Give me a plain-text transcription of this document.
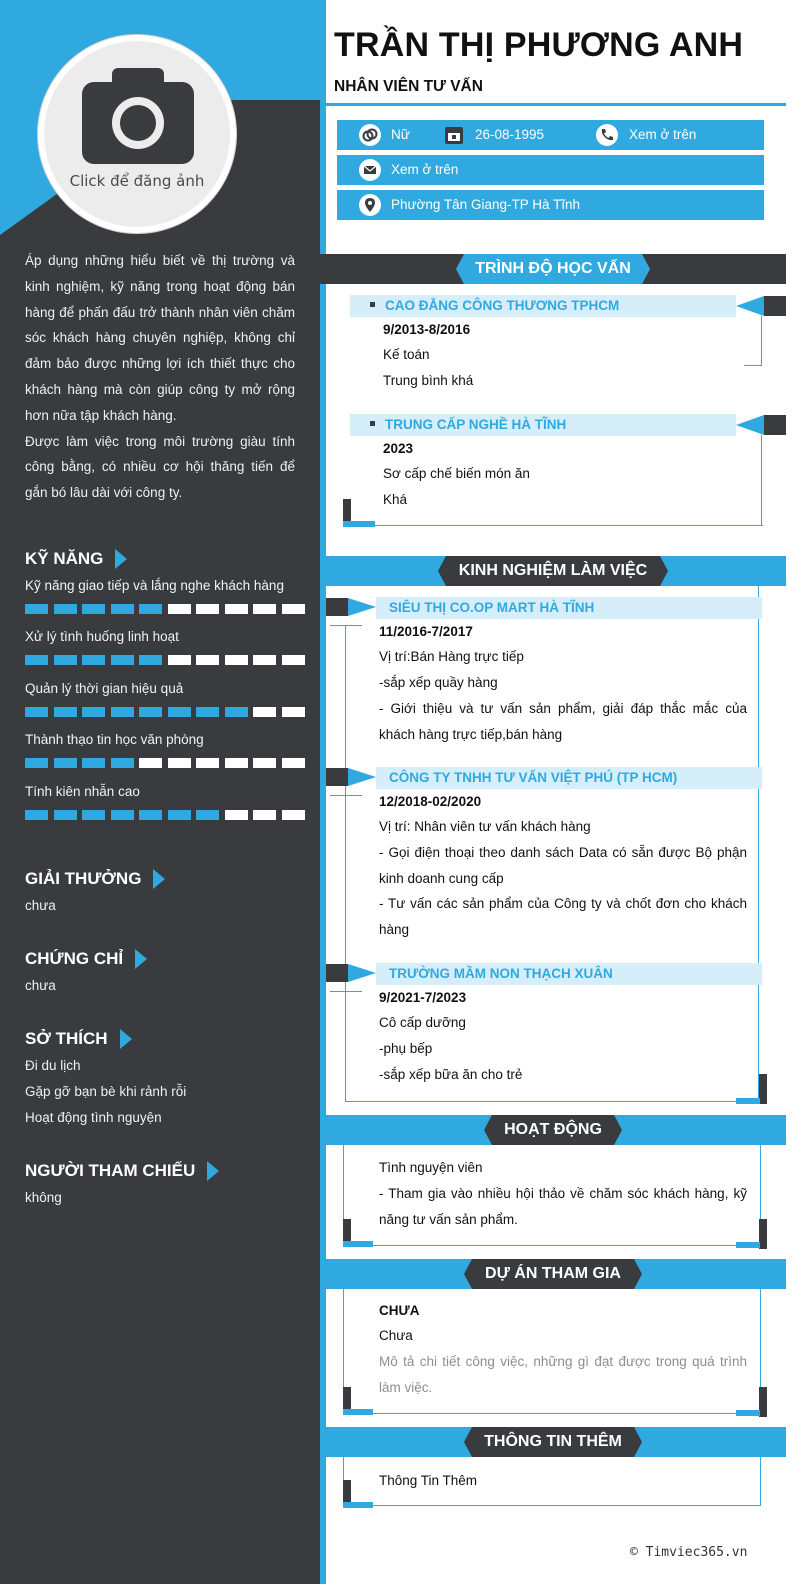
Click để đăng ảnh

Áp dụng những hiểu biết về thị trường và kinh nghiệm, kỹ năng trong hoạt động bán hàng để phấn đấu trở thành nhân viên chăm sóc khách hàng chuyên nghiệp, không chỉ đảm bảo được những lợi ích thiết thực cho khách hàng mà còn giúp công ty mở rộng hơn nữa tập khách hàng.

Được làm việc trong môi trường giàu tính công bằng, có nhiều cơ hội thăng tiến để gắn bó lâu dài với công ty.

KỸ NĂNG
Kỹ năng giao tiếp và lắng nghe khách hàng
Xử lý tình huống linh hoạt
Quản lý thời gian hiệu quả
Thành thạo tin học văn phòng
Tính kiên nhẫn cao
GIẢI THƯỞNG
chưa
CHỨNG CHỈ
chưa
SỞ THÍCH
Đi du lịch
Gặp gỡ bạn bè khi rảnh rỗi
Hoạt động tình nguyện
NGƯỜI THAM CHIẾU
không
TRẦN THỊ PHƯƠNG ANH
NHÂN VIÊN TƯ VẤN
Nữ	26-08-1995	Xem ở trên
Xem ở trên
Phường Tân Giang-TP Hà Tĩnh
TRÌNH ĐỘ HỌC VẤN
CAO ĐẲNG CÔNG THƯƠNG TPHCM
9/2013-8/2016
Kế toán
Trung bình khá
TRUNG CẤP NGHỀ HÀ TĨNH
2023
Sơ cấp chế biến món ăn
Khá
KINH NGHIỆM LÀM VIỆC
SIÊU THỊ CO.OP MART HÀ TĨNH
11/2016-7/2017
Vị trí:Bán Hàng trực tiếp
-sắp xếp quầy hàng
- Giới thiệu và tư vấn sản phẩm, giải đáp thắc mắc của khách hàng trực tiếp,bán hàng
CÔNG TY TNHH TƯ VẤN VIỆT PHÚ (TP HCM)
12/2018-02/2020
Vị trí: Nhân viên tư vấn khách hàng
- Gọi điện thoại theo danh sách Data có sẵn được Bộ phận kinh doanh cung cấp
- Tư vấn các sản phẩm của Công ty và chốt đơn cho khách hàng
TRƯỜNG MẦM NON THẠCH XUÂN
9/2021-7/2023
Cô cấp dưỡng
-phụ bếp
-sắp xếp bữa ăn cho trẻ
HOẠT ĐỘNG
Tình nguyện viên
- Tham gia vào nhiều hội thảo về chăm sóc khách hàng, kỹ năng tư vấn sản phẩm.
DỰ ÁN THAM GIA
CHƯA
Chưa
Mô tả chi tiết công việc, những gì đạt được trong quá trình làm việc.
THÔNG TIN THÊM
Thông Tin Thêm
© Timviec365.vn
